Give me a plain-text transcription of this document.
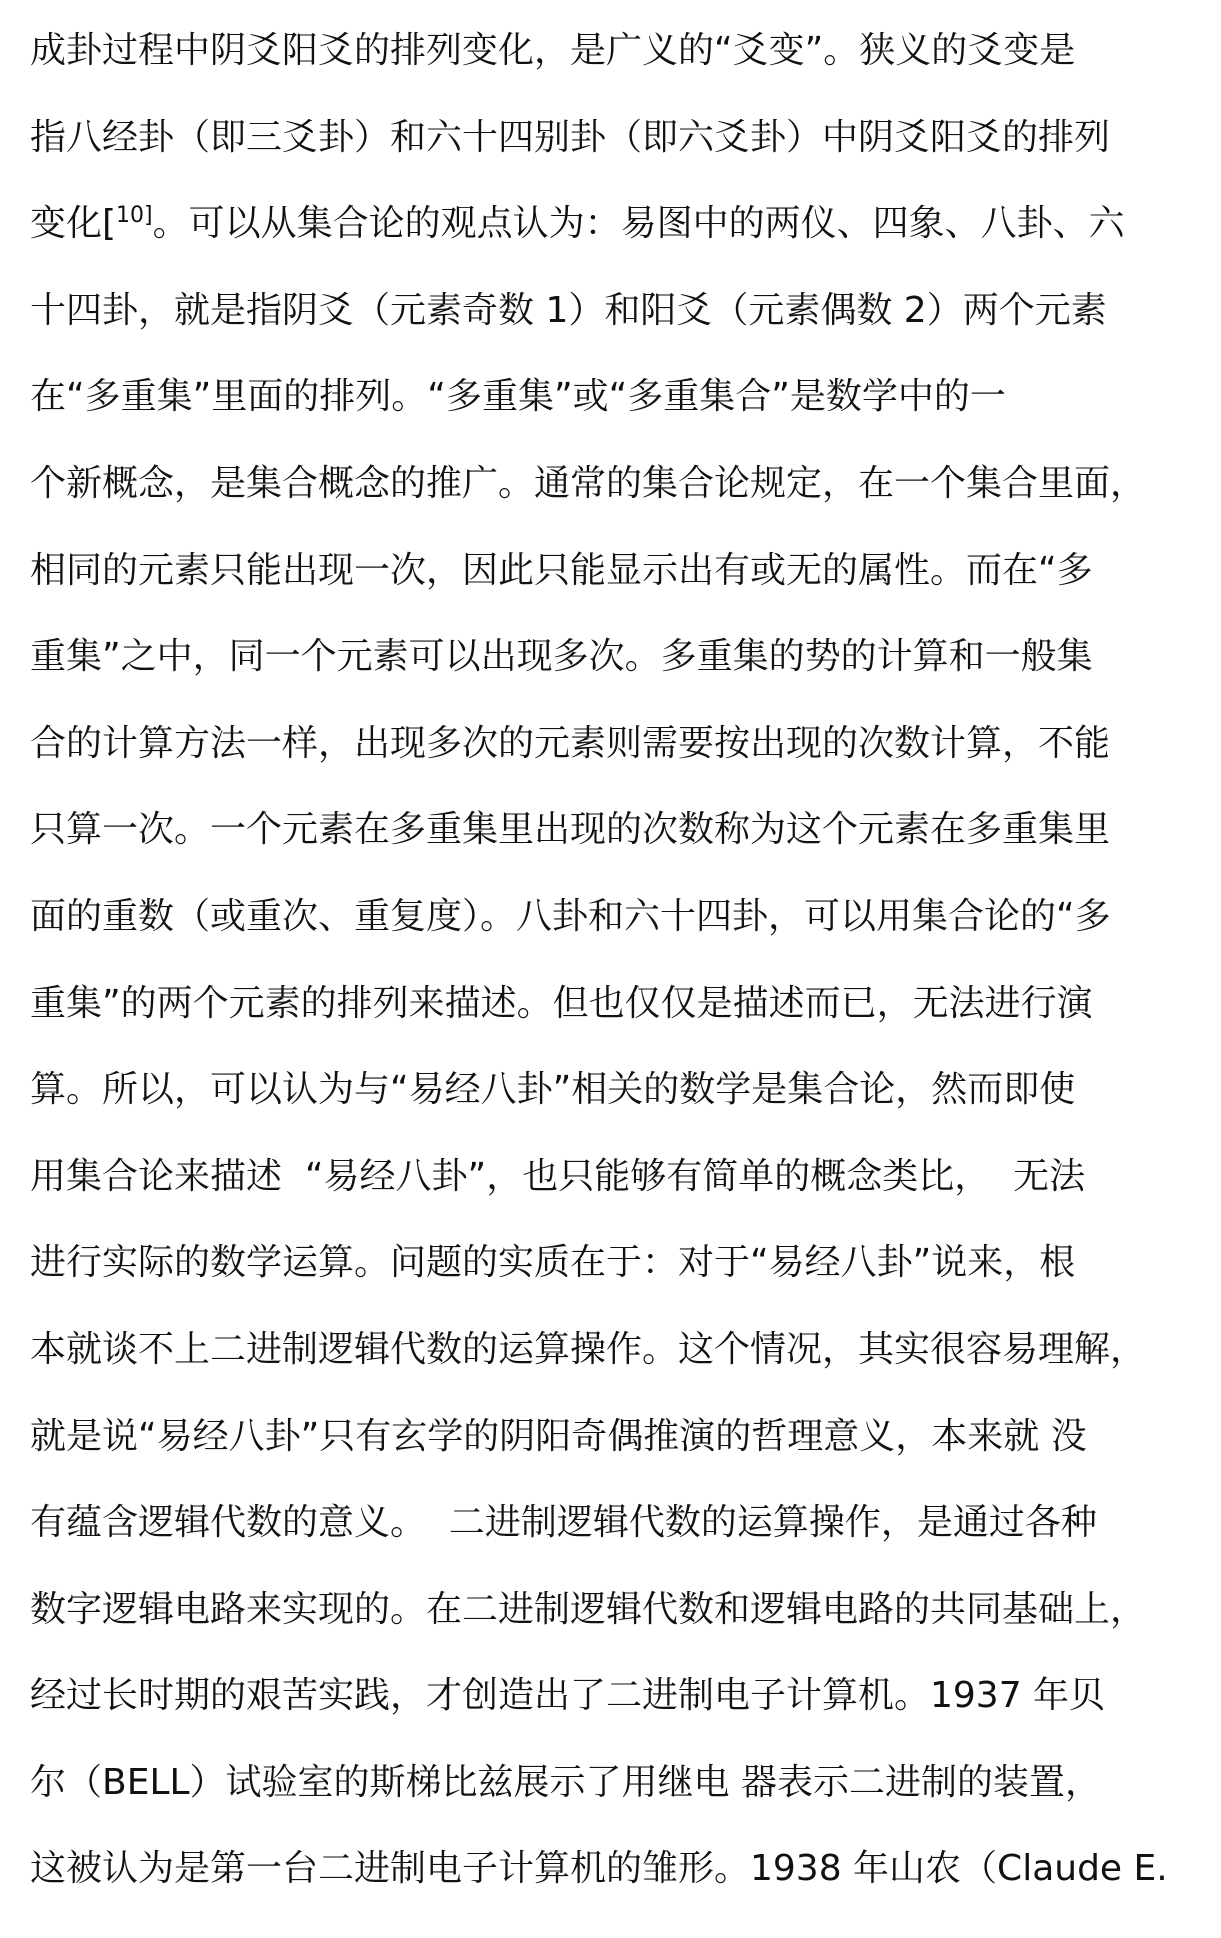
成卦过程中阴爻阳爻的排列变化，是广义的“爻变”。狭义的爻变是
指八经卦（即三爻卦）和六十四别卦（即六爻卦）中阴爻阳爻的排列
变化[$^{10]}$。可以从集合论的观点认为：易图中的两仪、四象、八卦、六
十四卦，就是指阴爻（元素奇数 1）和阳爻（元素偶数 2）两个元素
在“多重集”里面的排列。“多重集”或“多重集合”是数学中的一
个新概念，是集合概念的推广。通常的集合论规定，在一个集合里面，
相同的元素只能出现一次，因此只能显示出有或无的属性。而在“多
重集”之中，同一个元素可以出现多次。多重集的势的计算和一般集
合的计算方法一样，出现多次的元素则需要按出现的次数计算，不能
只算一次。一个元素在多重集里出现的次数称为这个元素在多重集里
面的重数（或重次、重复度）。八卦和六十四卦，可以用集合论的“多
重集”的两个元素的排列来描述。但也仅仅是描述而已，无法进行演
算。所以，可以认为与“易经八卦”相关的数学是集合论，然而即使
用集合论来描述  “易经八卦”，也只能够有简单的概念类比，  无法
进行实际的数学运算。问题的实质在于：对于“易经八卦”说来，根
本就谈不上二进制逻辑代数的运算操作。这个情况，其实很容易理解，
就是说“易经八卦”只有玄学的阴阳奇偶推演的哲理意义，本来就 没
有蕴含逻辑代数的意义。  二进制逻辑代数的运算操作，是通过各种
数字逻辑电路来实现的。在二进制逻辑代数和逻辑电路的共同基础上，
经过长时期的艰苦实践，才创造出了二进制电子计算机。1937 年贝
尔（BELL）试验室的斯梯比兹展示了用继电 器表示二进制的装置，
这被认为是第一台二进制电子计算机的雏形。1938 年山农（Claude E.
